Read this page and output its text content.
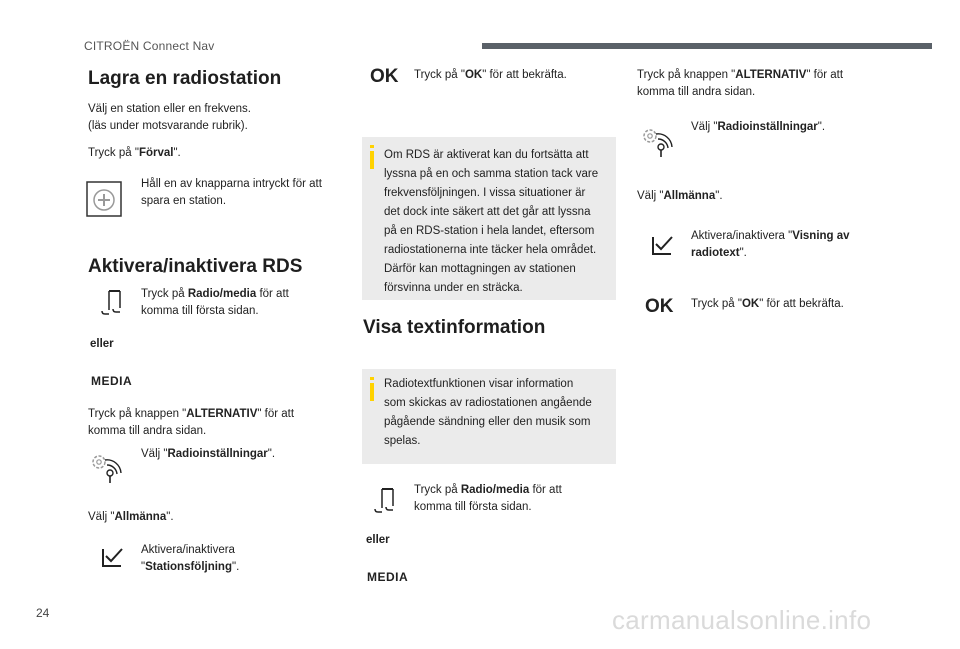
CITROËN Connect Nav
Lagra en radiostation
Välj en station eller en frekvens.
(läs under motsvarande rubrik).
Tryck på "Förval".
Håll en av knapparna intryckt för att
spara en station.
Aktivera/inaktivera RDS
Tryck på Radio/media för att
komma till första sidan.
eller
MEDIA
Tryck på knappen "ALTERNATIV" för att
komma till andra sidan.
Välj "Radioinställningar".
Välj "Allmänna".
Aktivera/inaktivera
"Stationsföljning".
OK Tryck på "OK" för att bekräfta.
Om RDS är aktiverat kan du fortsätta att
lyssna på en och samma station tack vare
frekvensföljningen. I vissa situationer är
det dock inte säkert att det går att lyssna
på en RDS-station i hela landet, eftersom
radiostationerna inte täcker hela området.
Därför kan mottagningen av stationen
försvinna under en sträcka.
Visa textinformation
Radiotextfunktionen visar information
som skickas av radiostationen angående
pågående sändning eller den musik som
spelas.
Tryck på Radio/media för att
komma till första sidan.
eller
MEDIA
Tryck på knappen "ALTERNATIV" för att
komma till andra sidan.
Välj "Radioinställningar".
Välj "Allmänna".
Aktivera/inaktivera "Visning av
radiotext".
OK Tryck på "OK" för att bekräfta.
24	carmanualsonline.info
